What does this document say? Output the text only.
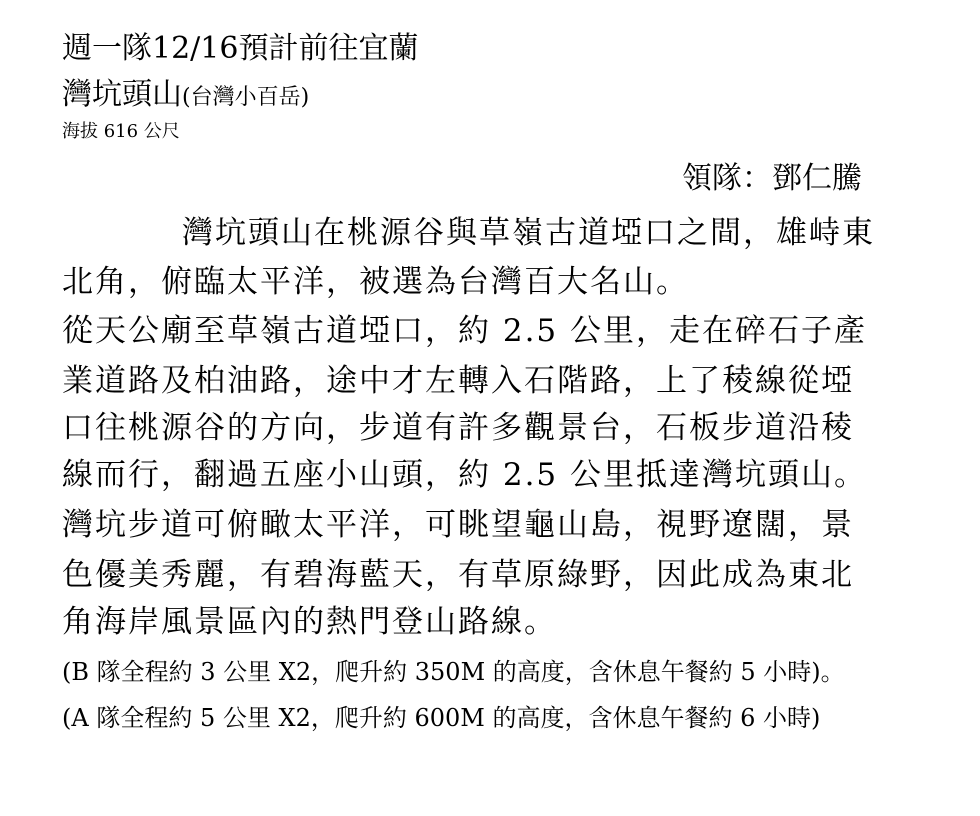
週一隊12/16預計前往宜蘭
灣坑頭山(台灣小百岳)
海拔 616 公尺
領隊：鄧仁騰
灣坑頭山在桃源谷與草嶺古道埡口之間，雄峙東
北角，俯臨太平洋，被選為台灣百大名山。
從天公廟至草嶺古道埡口，約 2.5 公里，走在碎石子產
業道路及柏油路，途中才左轉入石階路，上了稜線從埡
口往桃源谷的方向，步道有許多觀景台，石板步道沿稜
線而行，翻過五座小山頭，約 2.5 公里抵達灣坑頭山。
灣坑步道可俯瞰太平洋，可眺望龜山島，視野遼闊，景
色優美秀麗，有碧海藍天，有草原綠野，因此成為東北
角海岸風景區內的熱門登山路線。
(B 隊全程約 3 公里 X2，爬升約 350M 的高度，含休息午餐約 5 小時)。
(A 隊全程約 5 公里 X2，爬升約 600M 的高度，含休息午餐約 6 小時)
